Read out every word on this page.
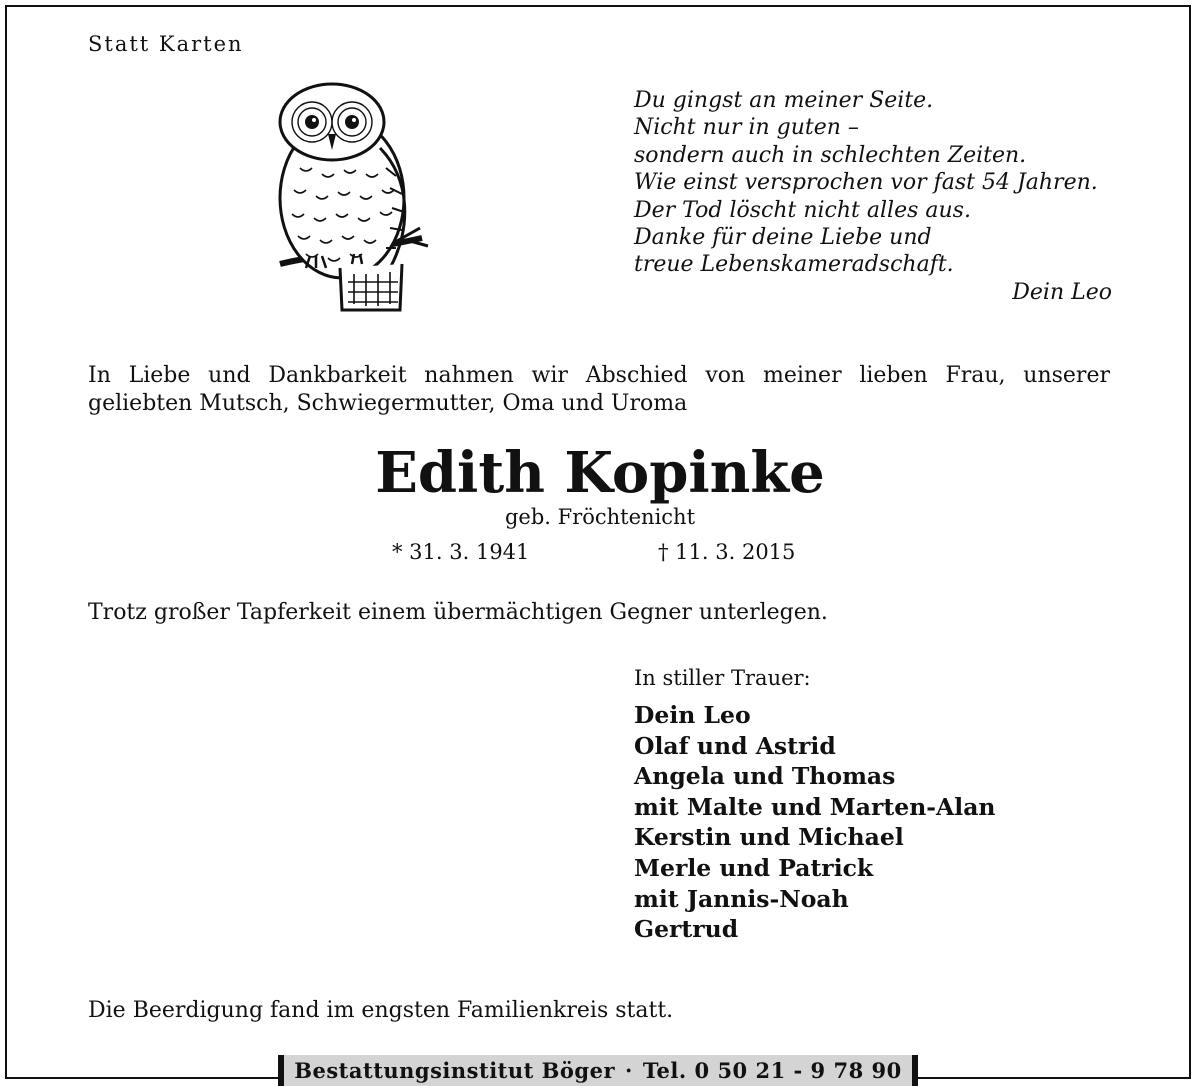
Statt Karten
Du gingst an meiner Seite.
Nicht nur in guten –
sondern auch in schlechten Zeiten.
Wie einst versprochen vor fast 54 Jahren.
Der Tod löscht nicht alles aus.
Danke für deine Liebe und
treue Lebenskameradschaft.
Dein Leo
In Liebe und Dankbarkeit nahmen wir Abschied von meiner lieben Frau, unserer
geliebten Mutsch, Schwiegermutter, Oma und Uroma
Edith Kopinke
geb. Fröchtenicht
* 31. 3. 1941	† 11. 3. 2015
Trotz großer Tapferkeit einem übermächtigen Gegner unterlegen.
In stiller Trauer:
Dein Leo
Olaf und Astrid
Angela und Thomas
mit Malte und Marten-Alan
Kerstin und Michael
Merle und Patrick
mit Jannis-Noah
Gertrud
Die Beerdigung fand im engsten Familienkreis statt.
Bestattungsinstitut Böger · Tel. 0 50 21 - 9 78 90
